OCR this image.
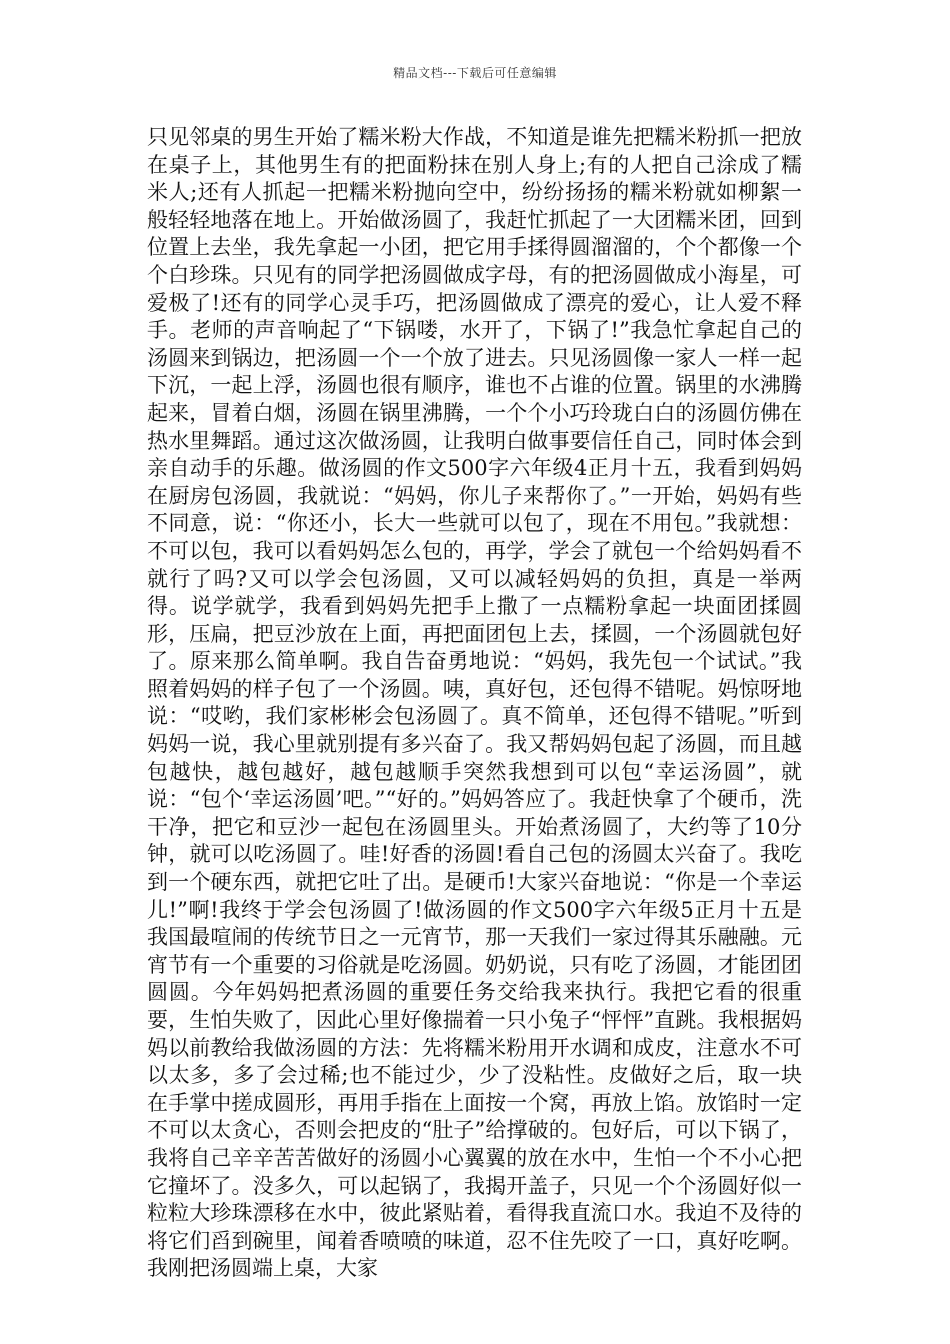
精品文档---下载后可任意编辑

只见邻桌的男生开始了糯米粉大作战，不知道是谁先把糯米粉抓一把放在桌子上，其他男生有的把面粉抹在别人身上;有的人把自己涂成了糯米人;还有人抓起一把糯米粉抛向空中，纷纷扬扬的糯米粉就如柳絮一般轻轻地落在地上。开始做汤圆了，我赶忙抓起了一大团糯米团，回到位置上去坐，我先拿起一小团，把它用手揉得圆溜溜的，个个都像一个个白珍珠。只见有的同学把汤圆做成字母，有的把汤圆做成小海星，可爱极了!还有的同学心灵手巧，把汤圆做成了漂亮的爱心，让人爱不释手。老师的声音响起了“下锅喽，水开了，下锅了!”我急忙拿起自己的汤圆来到锅边，把汤圆一个一个放了进去。只见汤圆像一家人一样一起下沉，一起上浮，汤圆也很有顺序，谁也不占谁的位置。锅里的水沸腾起来，冒着白烟，汤圆在锅里沸腾，一个个小巧玲珑白白的汤圆仿佛在热水里舞蹈。通过这次做汤圆，让我明白做事要信任自己，同时体会到亲自动手的乐趣。做汤圆的作文500字六年级4正月十五，我看到妈妈在厨房包汤圆，我就说：“妈妈，你儿子来帮你了。”一开始，妈妈有些不同意，说：“你还小，长大一些就可以包了，现在不用包。”我就想：不可以包，我可以看妈妈怎么包的，再学，学会了就包一个给妈妈看不就行了吗?又可以学会包汤圆，又可以减轻妈妈的负担，真是一举两得。说学就学，我看到妈妈先把手上撒了一点糯粉拿起一块面团揉圆形，压扁，把豆沙放在上面，再把面团包上去，揉圆，一个汤圆就包好了。原来那么简单啊。我自告奋勇地说：“妈妈，我先包一个试试。”我照着妈妈的样子包了一个汤圆。咦，真好包，还包得不错呢。妈惊呀地说：“哎哟，我们家彬彬会包汤圆了。真不简单，还包得不错呢。”听到妈妈一说，我心里就别提有多兴奋了。我又帮妈妈包起了汤圆，而且越包越快，越包越好，越包越顺手突然我想到可以包“幸运汤圆”，就说：“包个‘幸运汤圆’吧。”“好的。”妈妈答应了。我赶快拿了个硬币，洗干净，把它和豆沙一起包在汤圆里头。开始煮汤圆了，大约等了10分钟，就可以吃汤圆了。哇!好香的汤圆!看自己包的汤圆太兴奋了。我吃到一个硬东西，就把它吐了出。是硬币!大家兴奋地说：“你是一个幸运儿!”啊!我终于学会包汤圆了!做汤圆的作文500字六年级5正月十五是我国最喧闹的传统节日之一元宵节，那一天我们一家过得其乐融融。元宵节有一个重要的习俗就是吃汤圆。奶奶说，只有吃了汤圆，才能团团圆圆。今年妈妈把煮汤圆的重要任务交给我来执行。我把它看的很重要，生怕失败了，因此心里好像揣着一只小兔子“怦怦”直跳。我根据妈妈以前教给我做汤圆的方法：先将糯米粉用开水调和成皮，注意水不可以太多，多了会过稀;也不能过少，少了没粘性。皮做好之后，取一块在手掌中搓成圆形，再用手指在上面按一个窝，再放上馅。放馅时一定不可以太贪心，否则会把皮的“肚子”给撑破的。包好后，可以下锅了，我将自己辛辛苦苦做好的汤圆小心翼翼的放在水中，生怕一个不小心把它撞坏了。没多久，可以起锅了，我揭开盖子，只见一个个汤圆好似一粒粒大珍珠漂移在水中，彼此紧贴着，看得我直流口水。我迫不及待的将它们舀到碗里，闻着香喷喷的味道，忍不住先咬了一口，真好吃啊。我刚把汤圆端上桌，大家
